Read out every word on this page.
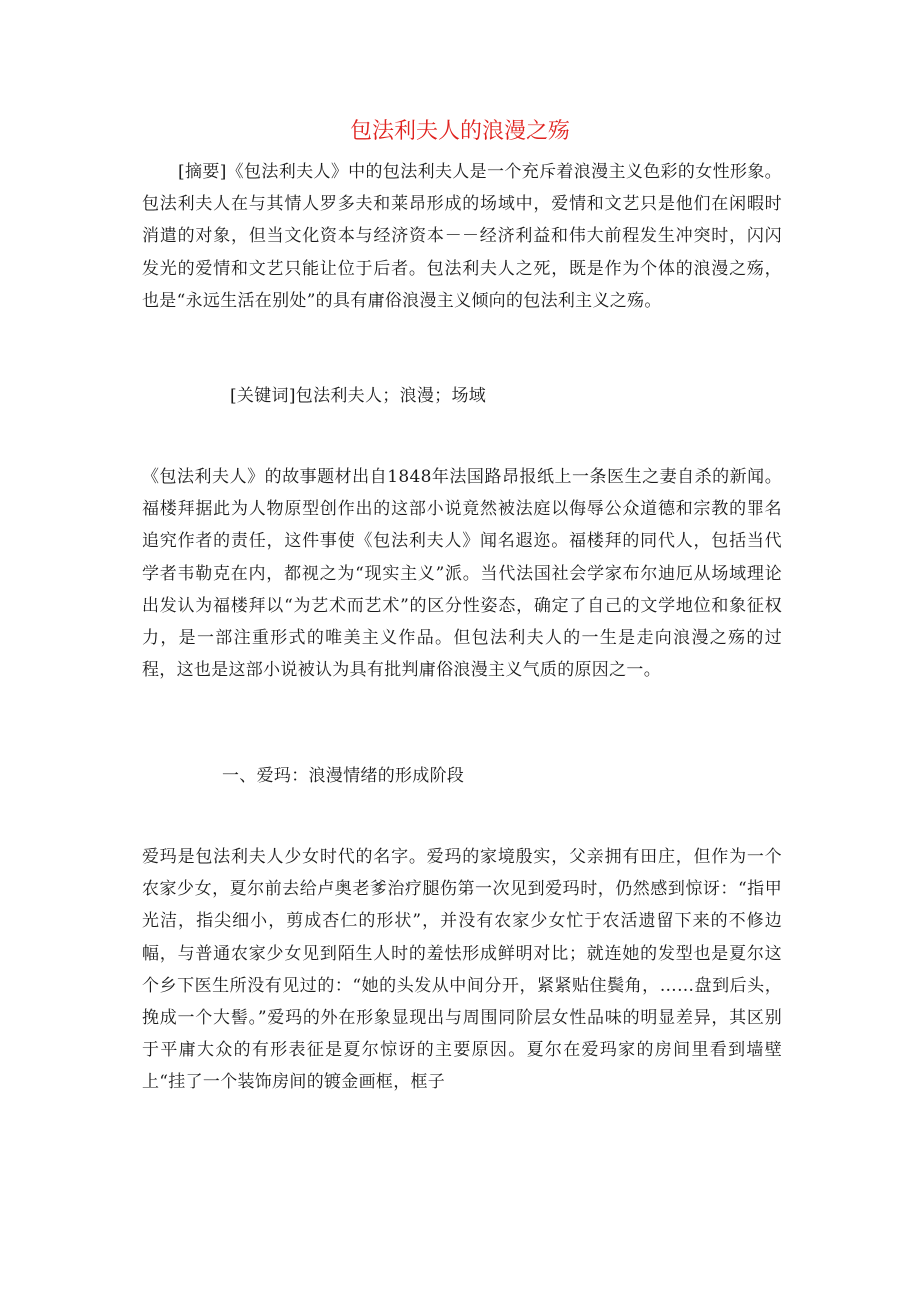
包法利夫人的浪漫之殇

[摘要]《包法利夫人》中的包法利夫人是一个充斥着浪漫主义色彩的女性形象。包法利夫人在与其情人罗多夫和莱昂形成的场域中，爱情和文艺只是他们在闲暇时消遣的对象，但当文化资本与经济资本－－经济利益和伟大前程发生冲突时，闪闪发光的爱情和文艺只能让位于后者。包法利夫人之死，既是作为个体的浪漫之殇，也是“永远生活在别处”的具有庸俗浪漫主义倾向的包法利主义之殇。

[关键词]包法利夫人；浪漫；场域

《包法利夫人》的故事题材出自1848年法国路昂报纸上一条医生之妻自杀的新闻。福楼拜据此为人物原型创作出的这部小说竟然被法庭以侮辱公众道德和宗教的罪名追究作者的责任，这件事使《包法利夫人》闻名遐迩。福楼拜的同代人，包括当代学者韦勒克在内，都视之为“现实主义”派。当代法国社会学家布尔迪厄从场域理论出发认为福楼拜以“为艺术而艺术”的区分性姿态，确定了自己的文学地位和象征权力，是一部注重形式的唯美主义作品。但包法利夫人的一生是走向浪漫之殇的过程，这也是这部小说被认为具有批判庸俗浪漫主义气质的原因之一。

一、爱玛：浪漫情绪的形成阶段

爱玛是包法利夫人少女时代的名字。爱玛的家境殷实，父亲拥有田庄，但作为一个农家少女，夏尔前去给卢奥老爹治疗腿伤第一次见到爱玛时，仍然感到惊讶：“指甲光洁，指尖细小，剪成杏仁的形状”，并没有农家少女忙于农活遗留下来的不修边幅，与普通农家少女见到陌生人时的羞怯形成鲜明对比；就连她的发型也是夏尔这个乡下医生所没有见过的：“她的头发从中间分开，紧紧贴住鬓角，……盘到后头，挽成一个大髻。”爱玛的外在形象显现出与周围同阶层女性品味的明显差异，其区别于平庸大众的有形表征是夏尔惊讶的主要原因。夏尔在爱玛家的房间里看到墙壁上“挂了一个装饰房间的镀金画框，框子
